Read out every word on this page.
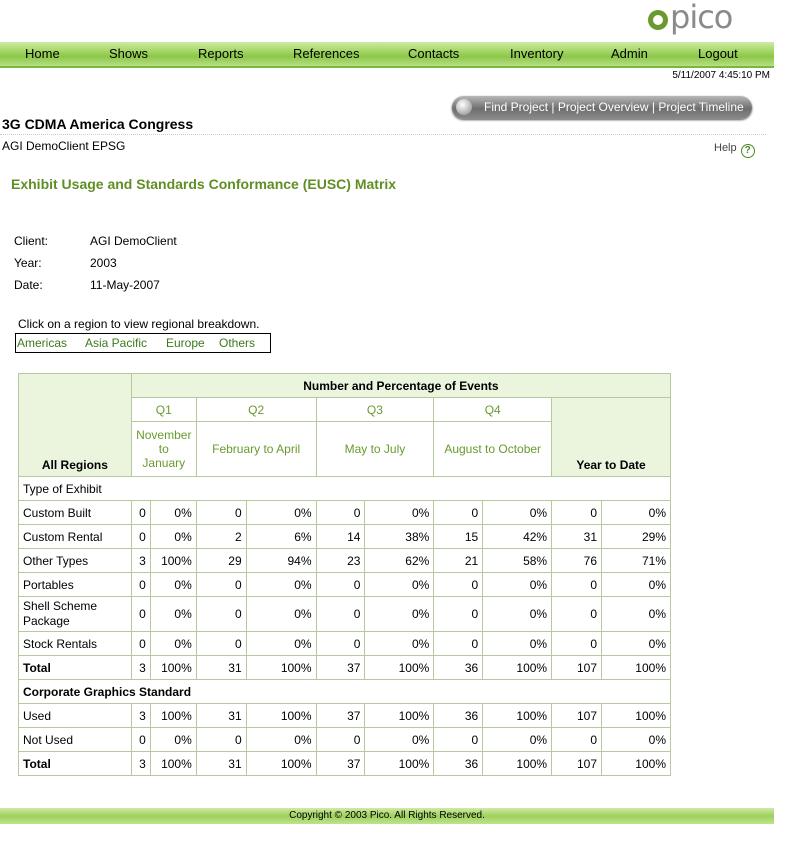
pico
Home	Shows	Reports	References	Contacts	Inventory	Admin	Logout
5/11/2007 4:45:10 PM
Find Project | Project Overview | Project Timeline
3G CDMA America Congress
AGI DemoClient EPSG	Help ?
Exhibit Usage and Standards Conformance (EUSC) Matrix
Client:	AGI DemoClient
Year:	2003
Date:	11-May-2007
Click on a region to view regional breakdown.
Americas Asia Pacific Europe Others
All Regions	Number and Percentage of Events									
	Q1		Q2		Q3		Q4		Year to Date	
	November to January		February to April		May to July		August to October			
Type of Exhibit										
Custom Built	0	0%	0	0%	0	0%	0	0%	0	0%
Custom Rental	0	0%	2	6%	14	38%	15	42%	31	29%
Other Types	3	100%	29	94%	23	62%	21	58%	76	71%
Portables	0	0%	0	0%	0	0%	0	0%	0	0%
Shell Scheme Package	0	0%	0	0%	0	0%	0	0%	0	0%
Stock Rentals	0	0%	0	0%	0	0%	0	0%	0	0%
Total	3	100%	31	100%	37	100%	36	100%	107	100%
Corporate Graphics Standard										
Used	3	100%	31	100%	37	100%	36	100%	107	100%
Not Used	0	0%	0	0%	0	0%	0	0%	0	0%
Total	3	100%	31	100%	37	100%	36	100%	107	100%
Copyright © 2003 Pico. All Rights Reserved.
